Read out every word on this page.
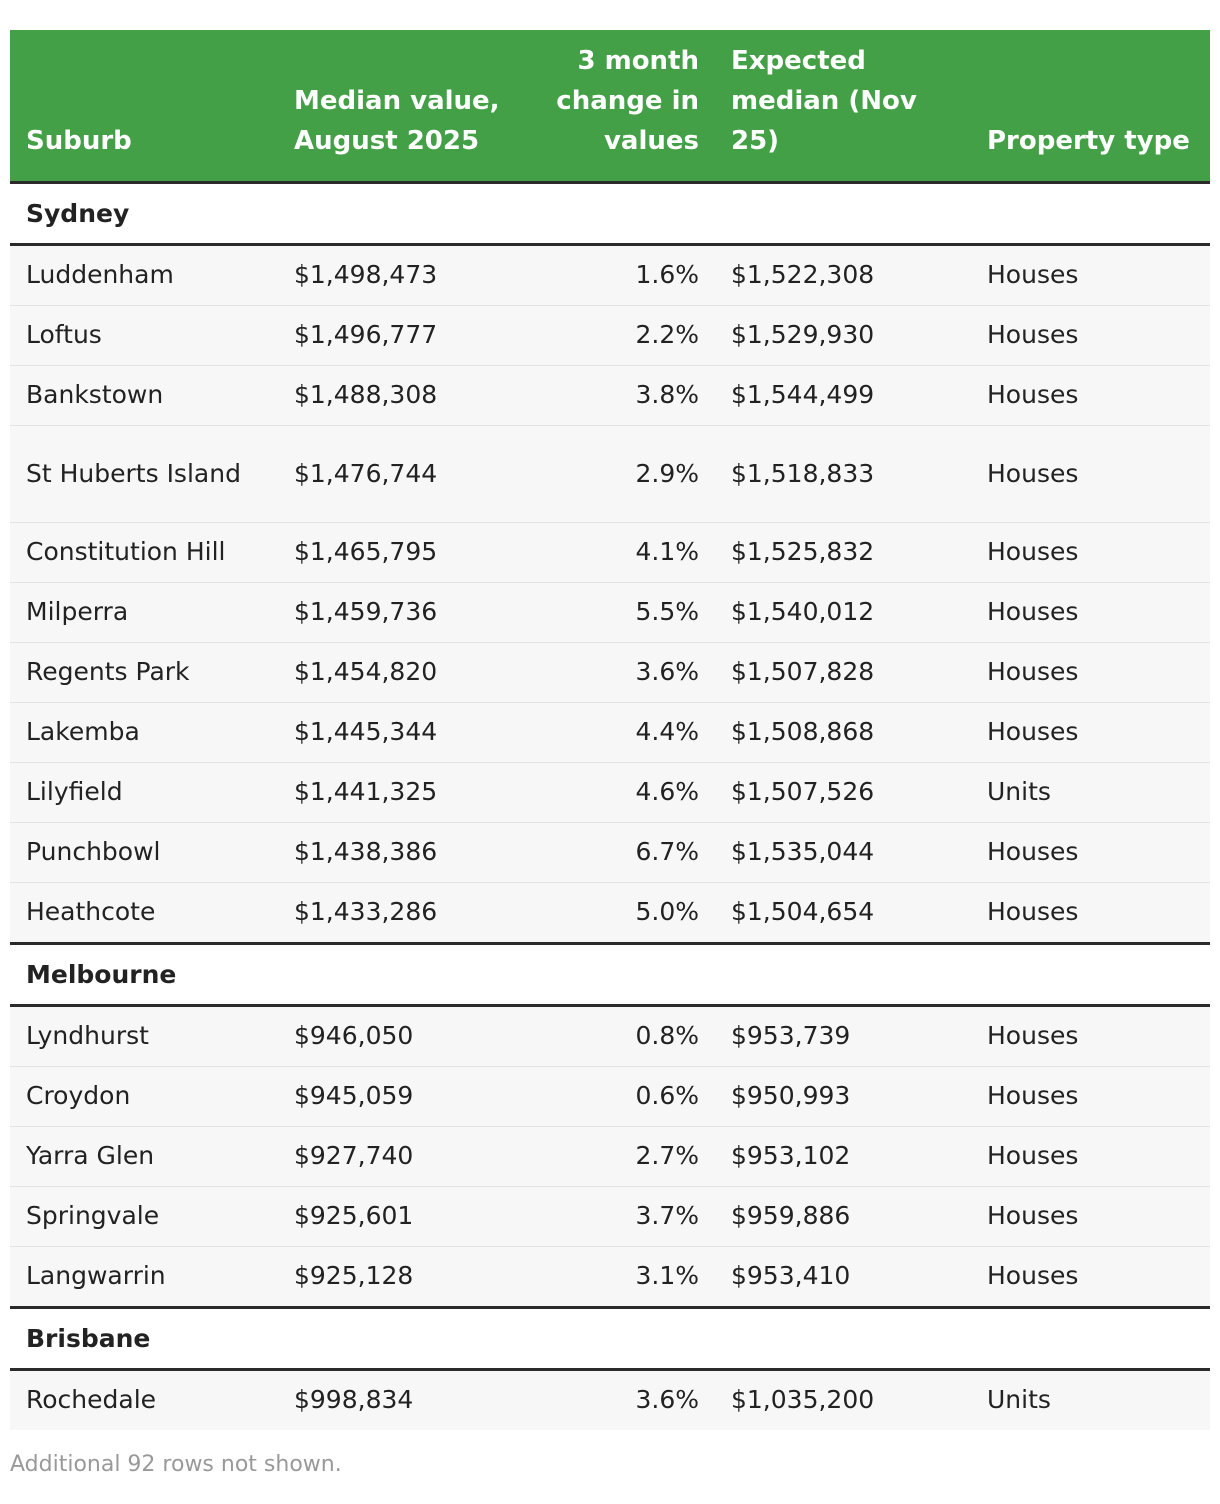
Suburb	Median value, August 2025	3 month change in values	Expected median (Nov 25)	Property type
Sydney				
Luddenham	$1,498,473	1.6%	$1,522,308	Houses
Loftus	$1,496,777	2.2%	$1,529,930	Houses
Bankstown	$1,488,308	3.8%	$1,544,499	Houses
St Huberts Island	$1,476,744	2.9%	$1,518,833	Houses
Constitution Hill	$1,465,795	4.1%	$1,525,832	Houses
Milperra	$1,459,736	5.5%	$1,540,012	Houses
Regents Park	$1,454,820	3.6%	$1,507,828	Houses
Lakemba	$1,445,344	4.4%	$1,508,868	Houses
Lilyfield	$1,441,325	4.6%	$1,507,526	Units
Punchbowl	$1,438,386	6.7%	$1,535,044	Houses
Heathcote	$1,433,286	5.0%	$1,504,654	Houses
Melbourne				
Lyndhurst	$946,050	0.8%	$953,739	Houses
Croydon	$945,059	0.6%	$950,993	Houses
Yarra Glen	$927,740	2.7%	$953,102	Houses
Springvale	$925,601	3.7%	$959,886	Houses
Langwarrin	$925,128	3.1%	$953,410	Houses
Brisbane				
Rochedale	$998,834	3.6%	$1,035,200	Units
Additional 92 rows not shown.
